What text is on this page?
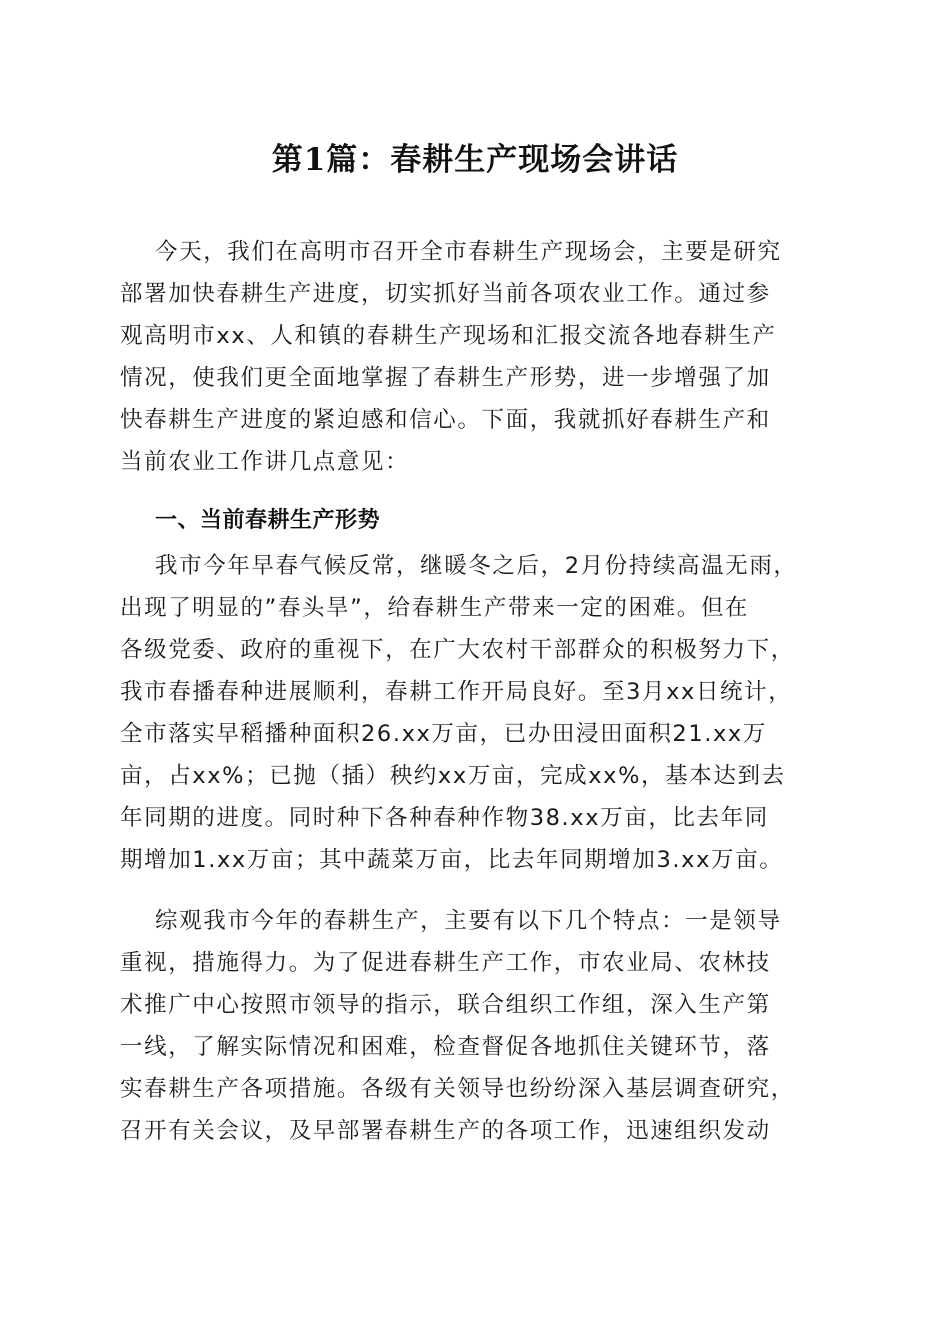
第1篇：春耕生产现场会讲话
今天，我们在高明市召开全市春耕生产现场会，主要是研究
部署加快春耕生产进度，切实抓好当前各项农业工作。通过参
观高明市xx、人和镇的春耕生产现场和汇报交流各地春耕生产
情况，使我们更全面地掌握了春耕生产形势，进一步增强了加
快春耕生产进度的紧迫感和信心。下面，我就抓好春耕生产和
当前农业工作讲几点意见：
一、当前春耕生产形势
我市今年早春气候反常，继暖冬之后，2月份持续高温无雨，
出现了明显的”春头旱”，给春耕生产带来一定的困难。但在
各级党委、政府的重视下，在广大农村干部群众的积极努力下，
我市春播春种进展顺利，春耕工作开局良好。至3月xx日统计，
全市落实早稻播种面积26.xx万亩，已办田浸田面积21.xx万
亩，占xx%；已抛（插）秧约xx万亩，完成xx%，基本达到去
年同期的进度。同时种下各种春种作物38.xx万亩，比去年同
期增加1.xx万亩；其中蔬菜万亩，比去年同期增加3.xx万亩。
综观我市今年的春耕生产，主要有以下几个特点：一是领导
重视，措施得力。为了促进春耕生产工作，市农业局、农林技
术推广中心按照市领导的指示，联合组织工作组，深入生产第
一线，了解实际情况和困难，检查督促各地抓住关键环节，落
实春耕生产各项措施。各级有关领导也纷纷深入基层调查研究，
召开有关会议，及早部署春耕生产的各项工作，迅速组织发动
